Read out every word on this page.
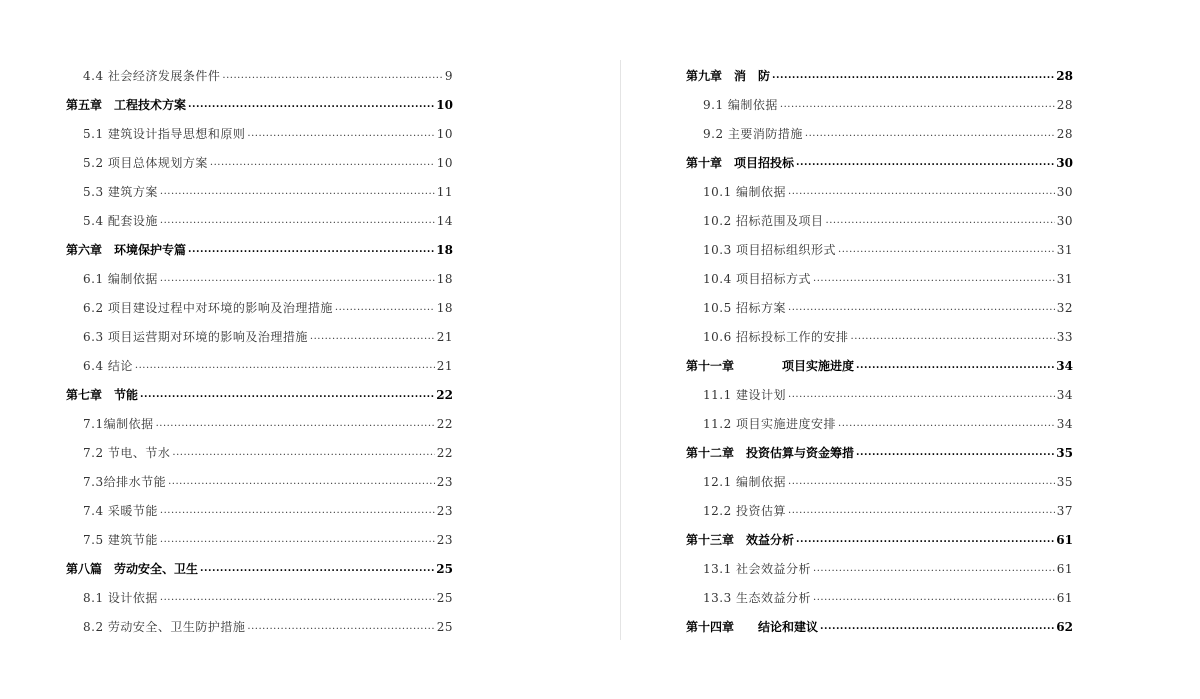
4.4 社会经济发展条件件 .....	9
第五章　工程技术方案 .....	10
5.1 建筑设计指导思想和原则 .....	10
5.2 项目总体规划方案 .....	10
5.3 建筑方案 .....	11
5.4 配套设施 .....	14
第六章　环境保护专篇 .....	18
6.1 编制依据 .....	18
6.2 项目建设过程中对环境的影响及治理措施 .....	18
6.3 项目运营期对环境的影响及治理措施 .....	21
6.4 结论 .....	21
第七章　节能 .....	22
7.1编制依据 .....	22
7.2 节电、节水 .....	22
7.3给排水节能 .....	23
7.4 采暖节能 .....	23
7.5 建筑节能 .....	23
第八篇　劳动安全、卫生 .....	25
8.1 设计依据 .....	25
8.2 劳动安全、卫生防护措施 .....	25
第九章　消　防 .....	28
9.1 编制依据 .....	28
9.2 主要消防措施 .....	28
第十章　项目招投标 .....	30
10.1 编制依据 .....	30
10.2 招标范围及项目 .....	30
10.3 项目招标组织形式 .....	31
10.4 项目招标方式 .....	31
10.5 招标方案 .....	32
10.6 招标投标工作的安排 .....	33
第十一章　　　　项目实施进度 .....	34
11.1 建设计划 .....	34
11.2 项目实施进度安排 .....	34
第十二章　投资估算与资金筹措 .....	35
12.1 编制依据 .....	35
12.2 投资估算 .....	37
第十三章　效益分析 .....	61
13.1 社会效益分析 .....	61
13.3 生态效益分析 .....	61
第十四章　　结论和建议 .....	62
